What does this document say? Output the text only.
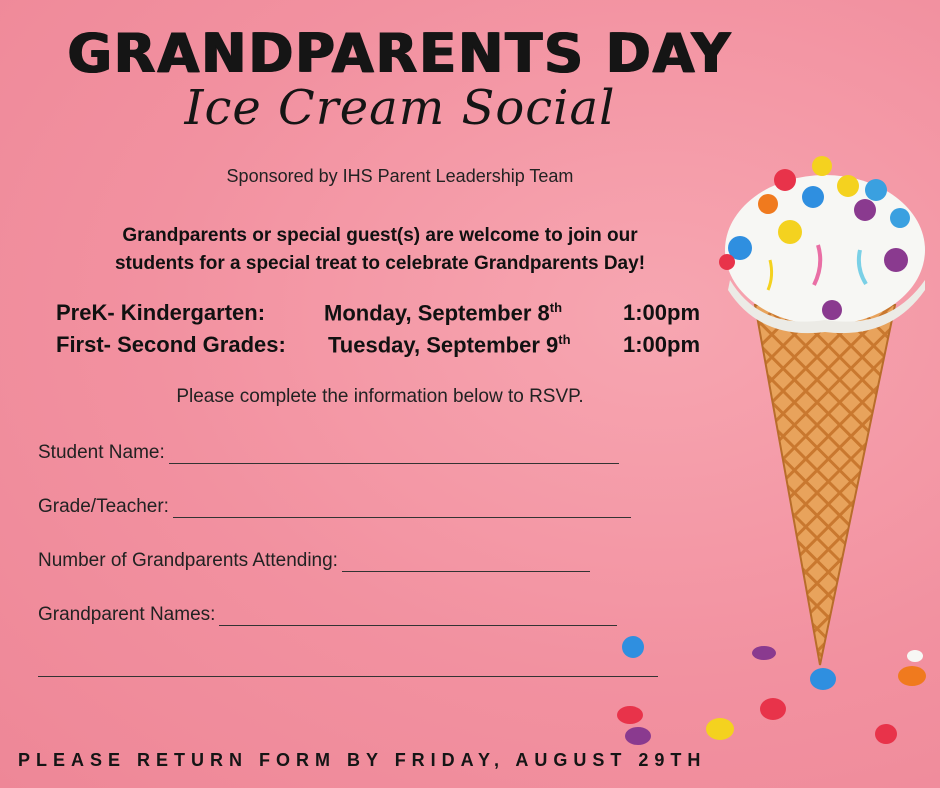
GRANDPARENTS DAY
Ice Cream Social
Sponsored by IHS Parent Leadership Team
Grandparents or special guest(s) are welcome to join our
students for a special treat to celebrate Grandparents Day!
PreK- Kindergarten:	Monday, September 8th	1:00pm
First- Second Grades: Tuesday, September 9th 1:00pm
Please complete the information below to RSVP.
Student Name:
Grade/Teacher:
Number of Grandparents Attending:
Grandparent Names:
PLEASE RETURN FORM BY FRIDAY, AUGUST 29TH
